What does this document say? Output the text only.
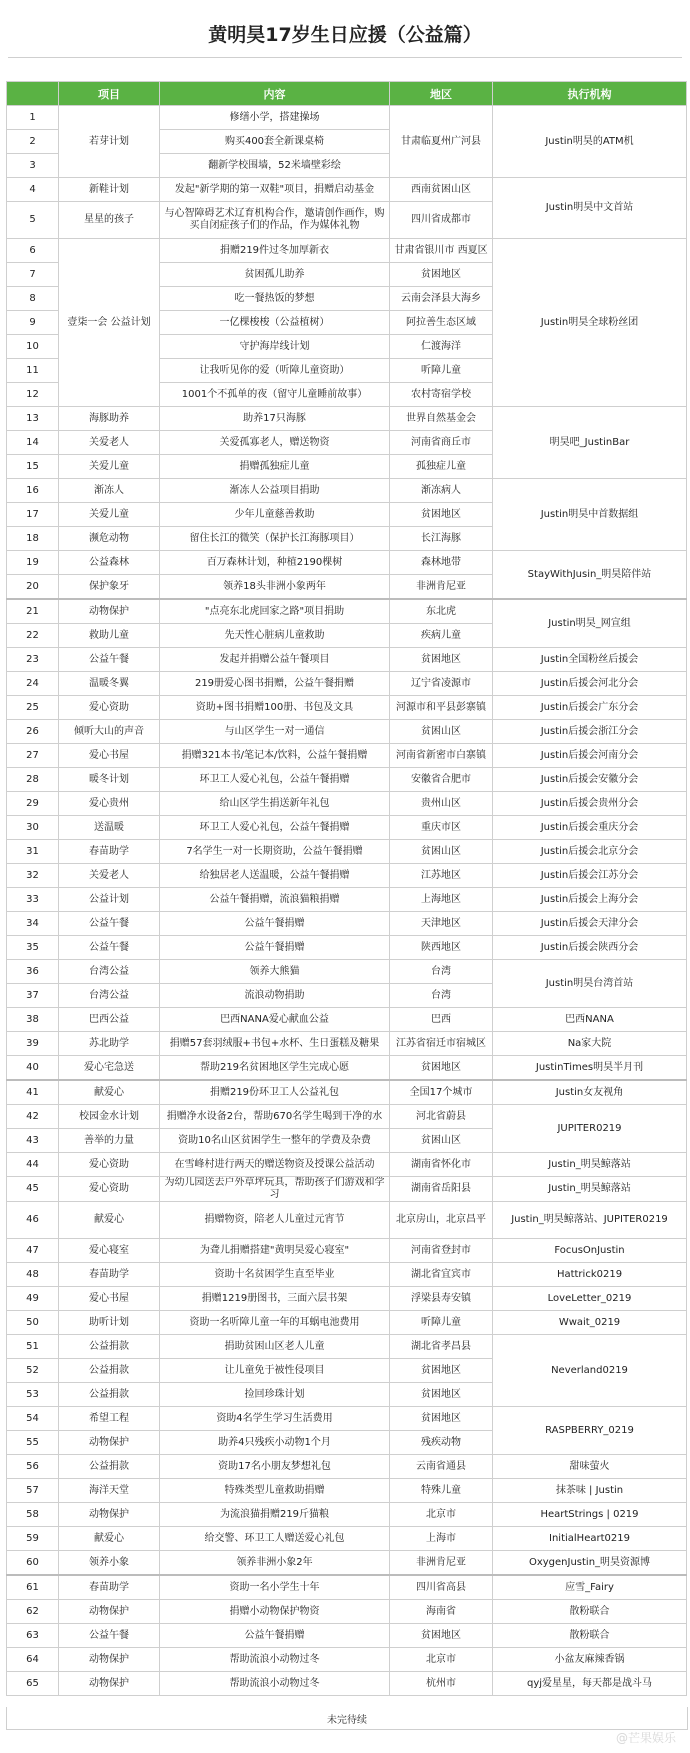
黄明昊17岁生日应援（公益篇）
	项目	内容	地区	执行机构
1	若芽计划	修缮小学，搭建操场	甘肃临夏州广河县	Justin明昊的ATM机
2		购买400套全新课桌椅		
3		翻新学校围墙，52米墙壁彩绘		
4	新鞋计划	发起"新学期的第一双鞋"项目，捐赠启动基金	西南贫困山区	Justin明昊中文首站
5	星星的孩子	与心智障碍艺术辽育机构合作，邀请创作画作，购买自闭症孩子们的作品，作为媒体礼物	四川省成都市	
6	壹柒一会 公益计划	捐赠219件过冬加厚新衣	甘肃省银川市 西夏区	Justin明昊全球粉丝团
7		贫困孤儿助养	贫困地区	
8		吃一餐热饭的梦想	云南会泽县大海乡	
9		一亿棵梭梭（公益植树）	阿拉善生态区域	
10		守护海岸线计划	仁渡海洋	
11		让我听见你的爱（听障儿童资助）	听障儿童	
12		1001个不孤单的夜（留守儿童睡前故事）	农村寄宿学校	
13	海豚助养	助养17只海豚	世界自然基金会	明昊吧_JustinBar
14	关爱老人	关爱孤寡老人，赠送物资	河南省商丘市	
15	关爱儿童	捐赠孤独症儿童	孤独症儿童	
16	渐冻人	渐冻人公益项目捐助	渐冻病人	Justin明昊中首数据组
17	关爱儿童	少年儿童慈善救助	贫困地区	
18	濒危动物	留住长江的微笑（保护长江海豚项目）	长江海豚	
19	公益森林	百万森林计划，种植2190棵树	森林地带	StayWithJusin_明昊陪伴站
20	保护象牙	领养18头非洲小象两年	非洲肯尼亚	
21	动物保护	"点亮东北虎回家之路"项目捐助	东北虎	Justin明昊_网宣组
22	救助儿童	先天性心脏病儿童救助	疾病儿童	
23	公益午餐	发起并捐赠公益午餐项目	贫困地区	Justin全国粉丝后援会
24	温暖冬翼	219册爱心图书捐赠，公益午餐捐赠	辽宁省凌源市	Justin后援会河北分会
25	爱心资助	资助+图书捐赠100册、书包及文具	河源市和平县彭寨镇	Justin后援会广东分会
26	倾听大山的声音	与山区学生一对一通信	贫困山区	Justin后援会浙江分会
27	爱心书屋	捐赠321本书/笔记本/饮料，公益午餐捐赠	河南省新密市白寨镇	Justin后援会河南分会
28	暖冬计划	环卫工人爱心礼包，公益午餐捐赠	安徽省合肥市	Justin后援会安徽分会
29	爱心贵州	给山区学生捐送新年礼包	贵州山区	Justin后援会贵州分会
30	送温暖	环卫工人爱心礼包，公益午餐捐赠	重庆市区	Justin后援会重庆分会
31	春苗助学	7名学生一对一长期资助，公益午餐捐赠	贫困山区	Justin后援会北京分会
32	关爱老人	给独居老人送温暖，公益午餐捐赠	江苏地区	Justin后援会江苏分会
33	公益计划	公益午餐捐赠，流浪猫粮捐赠	上海地区	Justin后援会上海分会
34	公益午餐	公益午餐捐赠	天津地区	Justin后援会天津分会
35	公益午餐	公益午餐捐赠	陕西地区	Justin后援会陕西分会
36	台湾公益	领养大熊猫	台湾	Justin明昊台湾首站
37	台湾公益	流浪动物捐助	台湾	
38	巴西公益	巴西NANA爱心献血公益	巴西	巴西NANA
39	苏北助学	捐赠57套羽绒服+书包+水杯、生日蛋糕及糖果	江苏省宿迁市宿城区	Na家大院
40	爱心宅急送	帮助219名贫困地区学生完成心愿	贫困地区	JustinTimes明昊半月刊
41	献爱心	捐赠219份环卫工人公益礼包	全国17个城市	Justin女友视角
42	校园金水计划	捐赠净水设备2台，帮助670名学生喝到干净的水	河北省蔚县	JUPITER0219
43	善举的力量	资助10名山区贫困学生一整年的学费及杂费	贫困山区	
44	爱心资助	在雪峰村进行两天的赠送物资及授课公益活动	湖南省怀化市	Justin_明昊鲸落站
45	爱心资助	为幼儿园送去户外草坪玩具，帮助孩子们游戏和学习	湖南省岳阳县	Justin_明昊鲸落站
46	献爱心	捐赠物资，陪老人儿童过元宵节	北京房山，北京昌平	Justin_明昊鲸落站、JUPITER0219
47	爱心寝室	为聋儿捐赠搭建"黄明昊爱心寝室"	河南省登封市	FocusOnJustin
48	春苗助学	资助十名贫困学生直至毕业	湖北省宜宾市	Hattrick0219
49	爱心书屋	捐赠1219册图书，三面六层书架	浮梁县寿安镇	LoveLetter_0219
50	助听计划	资助一名听障儿童一年的耳蜗电池费用	听障儿童	Wwait_0219
51	公益捐款	捐助贫困山区老人儿童	湖北省孝昌县	Neverland0219
52	公益捐款	让儿童免于被性侵项目	贫困地区	
53	公益捐款	捡回珍珠计划	贫困地区	
54	希望工程	资助4名学生学习生活费用	贫困地区	RASPBERRY_0219
55	动物保护	助养4只残疾小动物1个月	残疾动物	
56	公益捐款	资助17名小朋友梦想礼包	云南省通县	甜味萤火
57	海洋天堂	特殊类型儿童救助捐赠	特殊儿童	抹茶味 | Justin
58	动物保护	为流浪猫捐赠219斤猫粮	北京市	HeartStrings | 0219
59	献爱心	给交警、环卫工人赠送爱心礼包	上海市	InitialHeart0219
60	领养小象	领养非洲小象2年	非洲肯尼亚	OxygenJustin_明昊资源博
61	春苗助学	资助一名小学生十年	四川省高县	应雪_Fairy
62	动物保护	捐赠小动物保护物资	海南省	散粉联合
63	公益午餐	公益午餐捐赠	贫困地区	散粉联合
64	动物保护	帮助流浪小动物过冬	北京市	小盆友麻辣香锅
65	动物保护	帮助流浪小动物过冬	杭州市	qyj爱星星，每天都是战斗马
未完待续
@芒果娱乐
